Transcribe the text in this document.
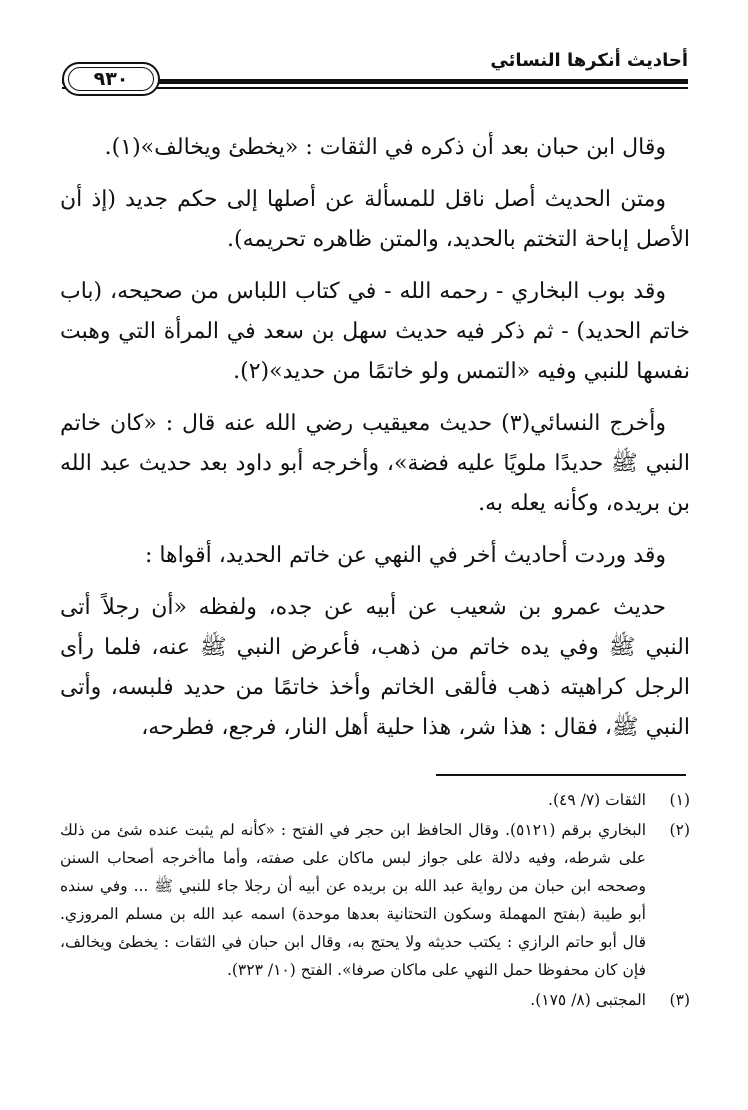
أحاديث أنكرها النسائي
٩٣٠

وقال ابن حبان بعد أن ذكره في الثقات : «يخطئ ويخالف»(١).

ومتن الحديث أصل ناقل للمسألة عن أصلها إلى حكم جديد (إذ أن الأصل إباحة التختم بالحديد، والمتن ظاهره تحريمه).

وقد بوب البخاري - رحمه الله - في كتاب اللباس من صحيحه، (باب خاتم الحديد) - ثم ذكر فيه حديث سهل بن سعد في المرأة التي وهبت نفسها للنبي وفيه «التمس ولو خاتمًا من حديد»(٢).

وأخرج النسائي(٣) حديث معيقيب رضي الله عنه قال : «كان خاتم النبي ﷺ حديدًا ملويًا عليه فضة»، وأخرجه أبو داود بعد حديث عبد الله بن بريده، وكأنه يعله به.

وقد وردت أحاديث أخر في النهي عن خاتم الحديد، أقواها :

حديث عمرو بن شعيب عن أبيه عن جده، ولفظه «أن رجلاً أتى النبي ﷺ وفي يده خاتم من ذهب، فأعرض النبي ﷺ عنه، فلما رأى الرجل كراهيته ذهب فألقى الخاتم وأخذ خاتمًا من حديد فلبسه، وأتى النبي ﷺ، فقال : هذا شر، هذا حلية أهل النار، فرجع، فطرحه،

(١)
الثقات (٧/ ٤٩).
(٢)
البخاري برقم (٥١٢١). وقال الحافظ ابن حجر في الفتح : «كأنه لم يثبت عنده شئ من ذلك على شرطه، وفيه دلالة على جواز لبس ماكان على صفته، وأما ماأخرجه أصحاب السنن وصححه ابن حبان من رواية عبد الله بن بريده عن أبيه أن رجلا جاء للنبي ﷺ ... وفي سنده أبو طيبة (بفتح المهملة وسكون التحتانية بعدها موحدة) اسمه عبد الله بن مسلم المروزي. قال أبو حاتم الرازي : يكتب حديثه ولا يحتج به، وقال ابن حبان في الثقات : يخطئ ويخالف، فإن كان محفوظا حمل النهي على ماكان صرفا». الفتح (١٠/ ٣٢٣).
(٣)
المجتبى (٨/ ١٧٥).
